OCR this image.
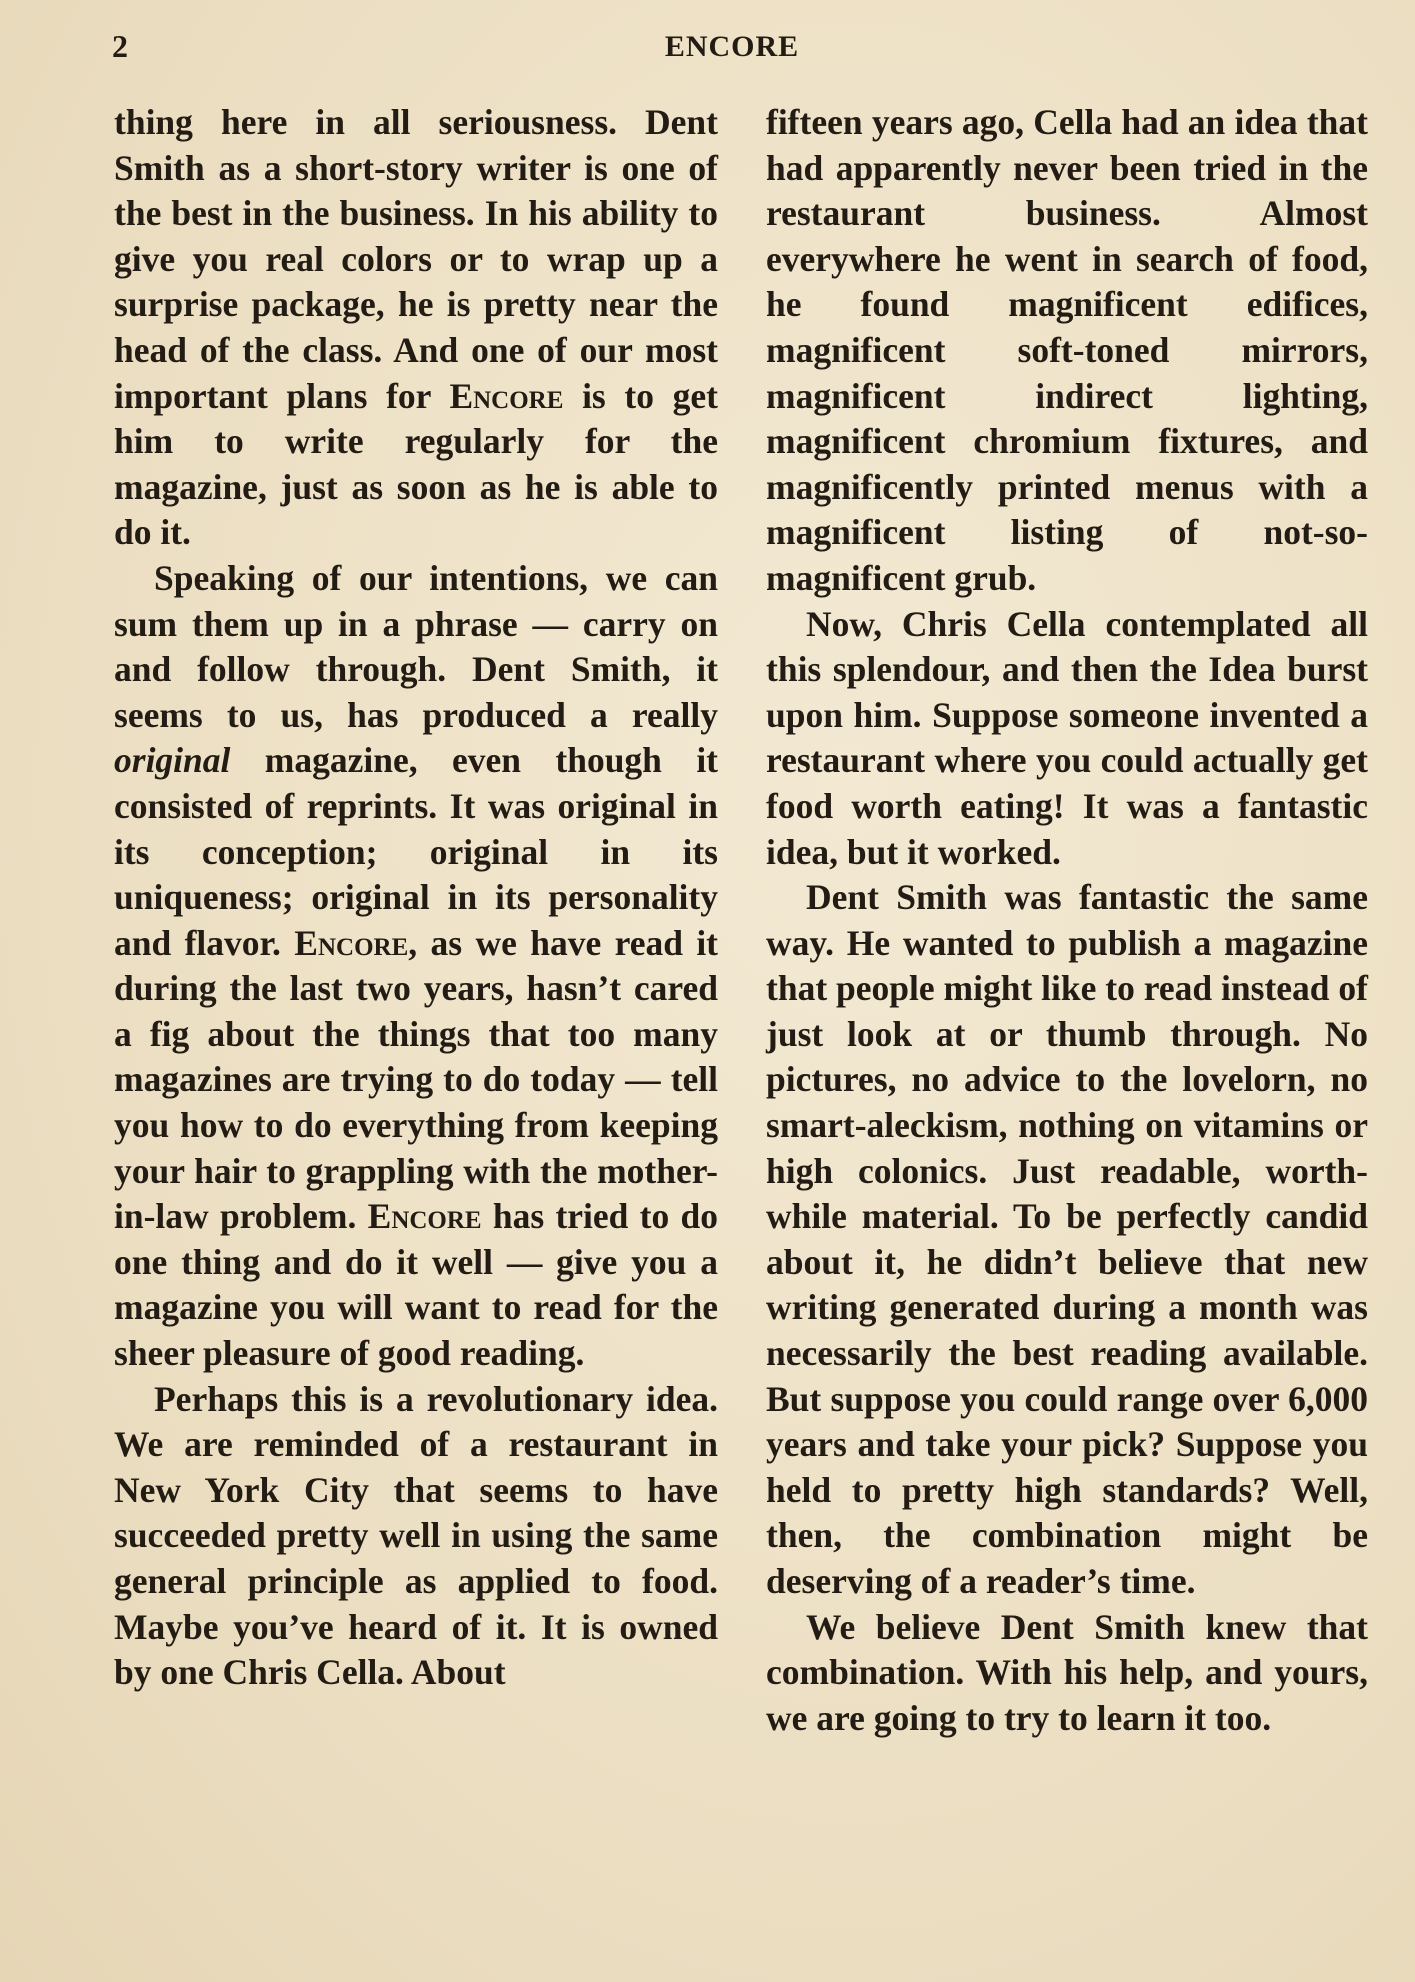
2	ENCORE

thing here in all seriousness. Dent Smith as a short-story writer is one of the best in the business. In his ability to give you real colors or to wrap up a surprise package, he is pretty near the head of the class. And one of our most important plans for Encore is to get him to write regularly for the magazine, just as soon as he is able to do it.

Speaking of our intentions, we can sum them up in a phrase — carry on and follow through. Dent Smith, it seems to us, has produced a really original magazine, even though it consisted of reprints. It was original in its conception; original in its uniqueness; original in its personality and flavor. Encore, as we have read it during the last two years, hasn’t cared a fig about the things that too many magazines are trying to do today — tell you how to do everything from keeping your hair to grappling with the mother-in-law problem. Encore has tried to do one thing and do it well — give you a magazine you will want to read for the sheer pleasure of good reading.

Perhaps this is a revolutionary idea. We are reminded of a restaurant in New York City that seems to have succeeded pretty well in using the same general principle as applied to food. Maybe you’ve heard of it. It is owned by one Chris Cella. About

fifteen years ago, Cella had an idea that had apparently never been tried in the restaurant business. Almost everywhere he went in search of food, he found magnificent edifices, magnificent soft-toned mirrors, magnificent indirect lighting, magnificent chromium fixtures, and magnificently printed menus with a magnificent listing of not-so-magnificent grub.

Now, Chris Cella contemplated all this splendour, and then the Idea burst upon him. Suppose someone invented a restaurant where you could actually get food worth eating! It was a fantastic idea, but it worked.

Dent Smith was fantastic the same way. He wanted to publish a magazine that people might like to read instead of just look at or thumb through. No pictures, no advice to the lovelorn, no smart-aleckism, nothing on vitamins or high colonics. Just readable, worthwhile material. To be perfectly candid about it, he didn’t believe that new writing generated during a month was necessarily the best reading available. But suppose you could range over 6,000 years and take your pick? Suppose you held to pretty high standards? Well, then, the combination might be deserving of a reader’s time.

We believe Dent Smith knew that combination. With his help, and yours, we are going to try to learn it too.
